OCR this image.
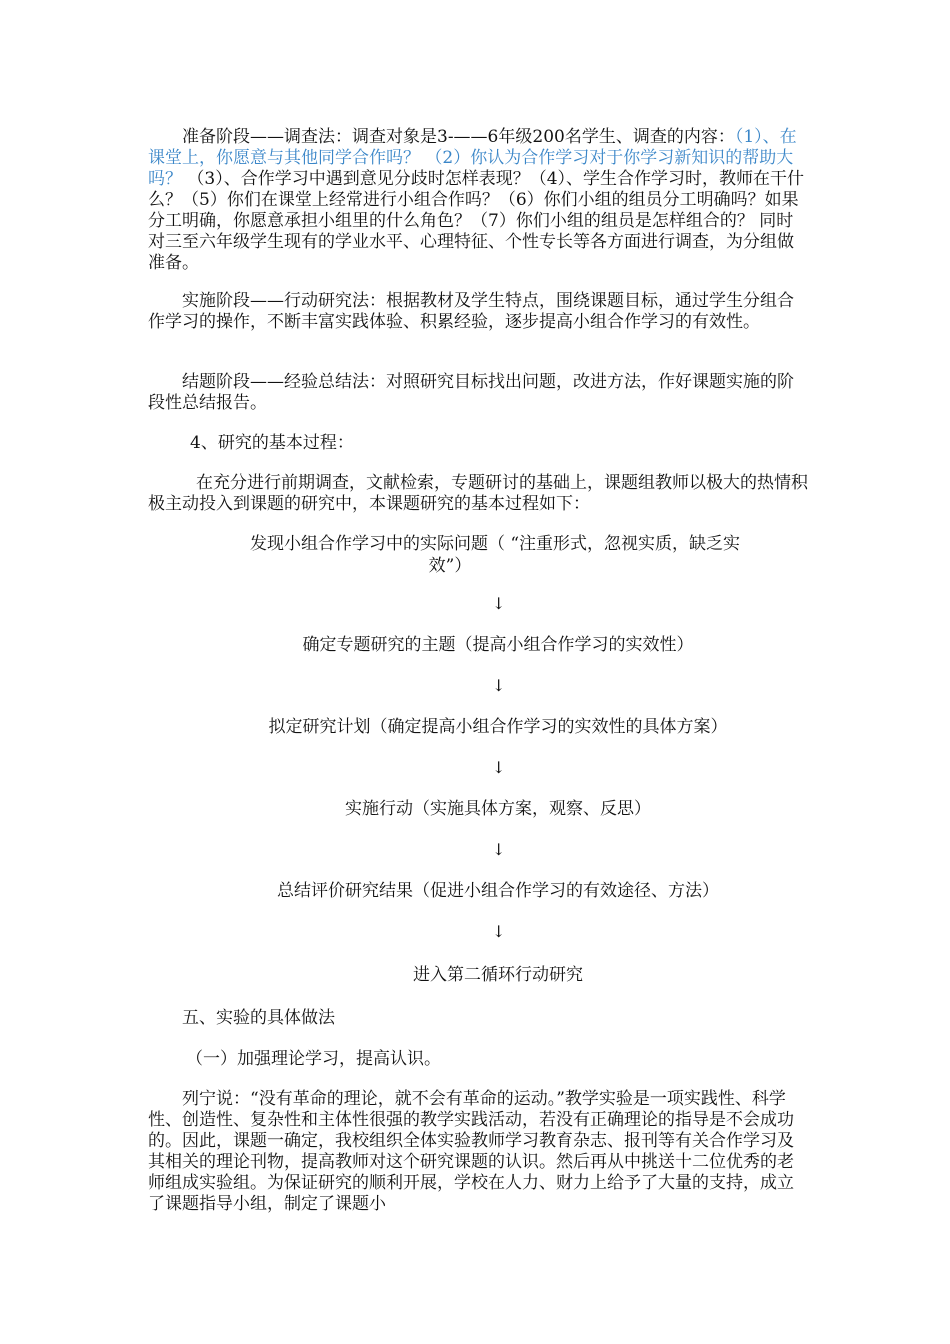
准备阶段——调查法：调查对象是3-——6年级200名学生、调查的内容：（1）、在课堂上，你愿意与其他同学合作吗？ （2）你认为合作学习对于你学习新知识的帮助大吗？ （3）、合作学习中遇到意见分歧时怎样表现？（4）、学生合作学习时，教师在干什么？（5）你们在课堂上经常进行小组合作吗？（6）你们小组的组员分工明确吗？如果分工明确，你愿意承担小组里的什么角色？（7）你们小组的组员是怎样组合的？ 同时对三至六年级学生现有的学业水平、心理特征、个性专长等各方面进行调查，为分组做准备。

实施阶段——行动研究法：根据教材及学生特点，围绕课题目标，通过学生分组合作学习的操作，不断丰富实践体验、积累经验，逐步提高小组合作学习的有效性。

结题阶段——经验总结法：对照研究目标找出问题，改进方法，作好课题实施的阶段性总结报告。

4、研究的基本过程：

在充分进行前期调查，文献检索，专题研讨的基础上，课题组教师以极大的热情积极主动投入到课题的研究中，本课题研究的基本过程如下：

发现小组合作学习中的实际问题（ “注重形式，忽视实质，缺乏实
效”）
↓
确定专题研究的主题（提高小组合作学习的实效性）
↓
拟定研究计划（确定提高小组合作学习的实效性的具体方案）
↓
实施行动（实施具体方案，观察、反思）
↓
总结评价研究结果（促进小组合作学习的有效途径、方法）
↓
进入第二循环行动研究
五、实验的具体做法
（一）加强理论学习，提高认识。

列宁说：“没有革命的理论，就不会有革命的运动。”教学实验是一项实践性、科学性、创造性、复杂性和主体性很强的教学实践活动，若没有正确理论的指导是不会成功的。因此，课题一确定，我校组织全体实验教师学习教育杂志、报刊等有关合作学习及其相关的理论刊物，提高教师对这个研究课题的认识。然后再从中挑送十二位优秀的老师组成实验组。为保证研究的顺利开展，学校在人力、财力上给予了大量的支持，成立了课题指导小组，制定了课题小
